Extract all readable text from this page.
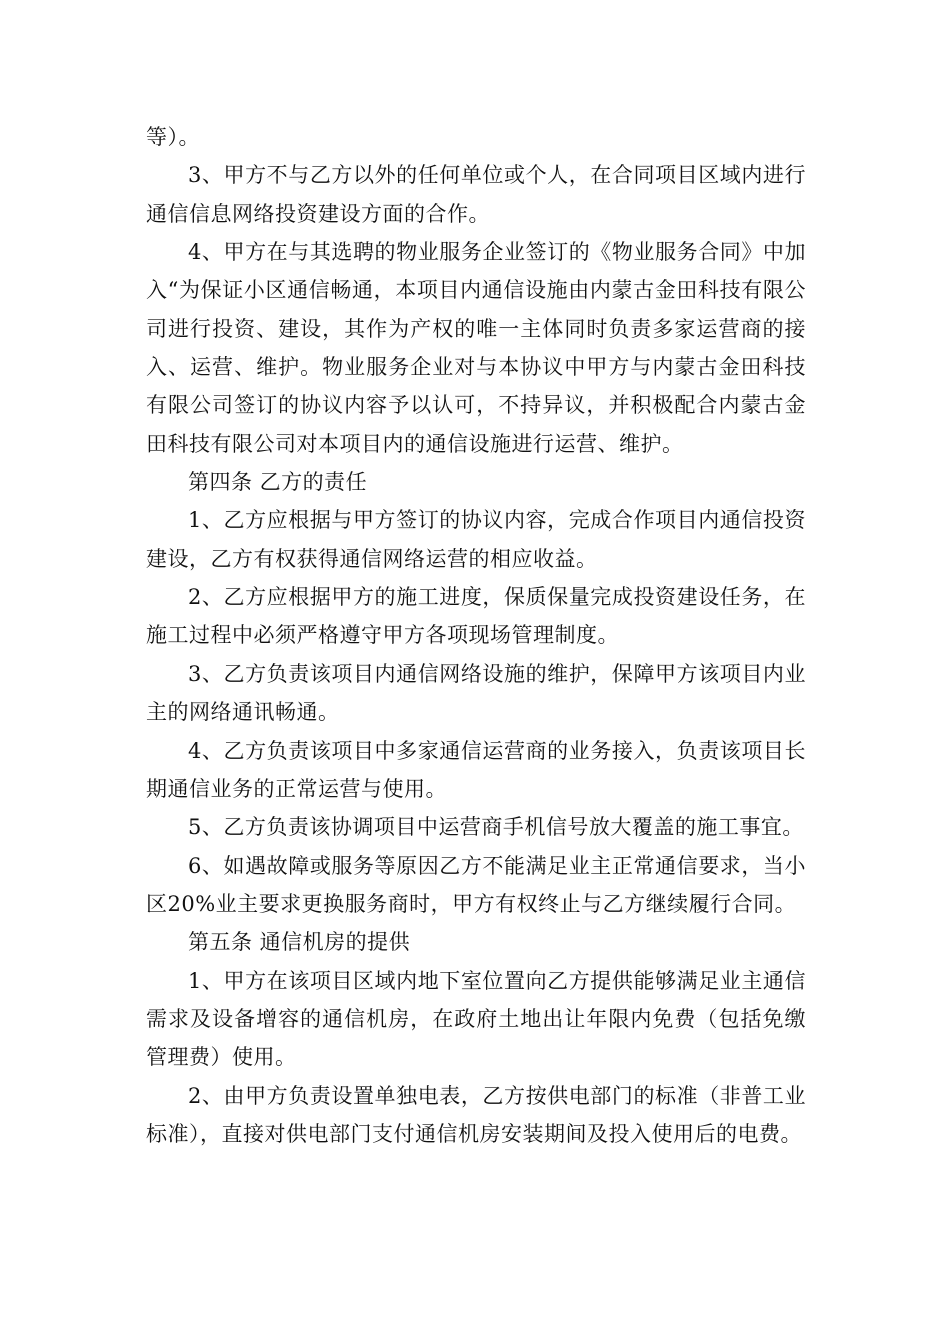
等）。

3、甲方不与乙方以外的任何单位或个人，在合同项目区域内进行通信信息网络投资建设方面的合作。

4、甲方在与其选聘的物业服务企业签订的《物业服务合同》中加入“为保证小区通信畅通，本项目内通信设施由内蒙古金田科技有限公司进行投资、建设，其作为产权的唯一主体同时负责多家运营商的接入、运营、维护。物业服务企业对与本协议中甲方与内蒙古金田科技有限公司签订的协议内容予以认可，不持异议，并积极配合内蒙古金田科技有限公司对本项目内的通信设施进行运营、维护。

第四条 乙方的责任

1、乙方应根据与甲方签订的协议内容，完成合作项目内通信投资建设，乙方有权获得通信网络运营的相应收益。

2、乙方应根据甲方的施工进度，保质保量完成投资建设任务，在施工过程中必须严格遵守甲方各项现场管理制度。

3、乙方负责该项目内通信网络设施的维护，保障甲方该项目内业主的网络通讯畅通。

4、乙方负责该项目中多家通信运营商的业务接入，负责该项目长期通信业务的正常运营与使用。

5、乙方负责该协调项目中运营商手机信号放大覆盖的施工事宜。

6、如遇故障或服务等原因乙方不能满足业主正常通信要求，当小区20%业主要求更换服务商时，甲方有权终止与乙方继续履行合同。

第五条 通信机房的提供

1、甲方在该项目区域内地下室位置向乙方提供能够满足业主通信需求及设备增容的通信机房，在政府土地出让年限内免费（包括免缴管理费）使用。

2、由甲方负责设置单独电表，乙方按供电部门的标准（非普工业标准），直接对供电部门支付通信机房安装期间及投入使用后的电费。
